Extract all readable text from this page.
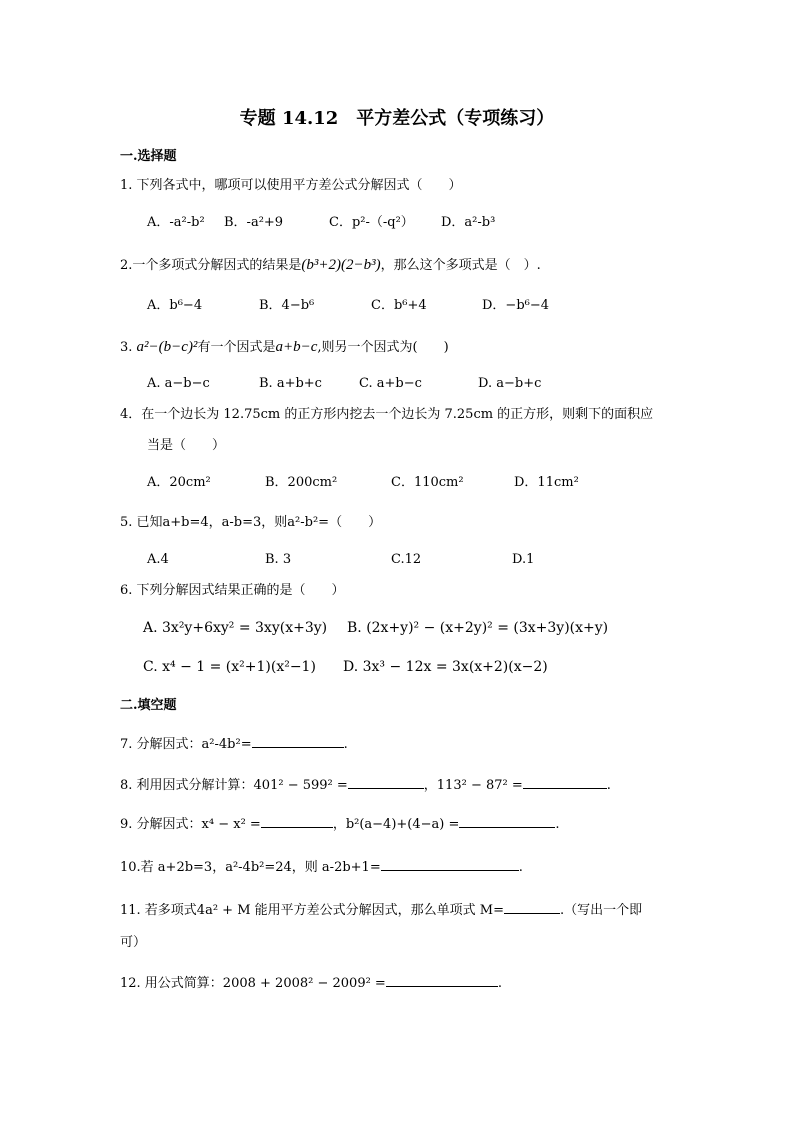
专题 14.12　平方差公式（专项练习）
一.选择题
1. 下列各式中，哪项可以使用平方差公式分解因式（　　）
A．-a²-b² B．-a²+9	C．p²-（-q²） D．a²-b³
2.一个多项式分解因式的结果是(b³+2)(2−b³)，那么这个多项式是（　）.
A．b⁶−4	B．4−b⁶	C．b⁶+4	D．−b⁶−4
3. a²−(b−c)²有一个因式是a+b−c,则另一个因式为(　　)
A. a−b−c	B. a+b+c	C. a+b−c	D. a−b+c
4．在一个边长为 12.75cm 的正方形内挖去一个边长为 7.25cm 的正方形，则剩下的面积应
当是（　　）
A．20cm²	B．200cm²	C．110cm²	D．11cm²
5. 已知a+b=4，a-b=3，则a²-b²=（　　）
A.4	B. 3	C.12	D.1
6. 下列分解因式结果正确的是（　　）
A. 3x²y+6xy² = 3xy(x+3y) B. (2x+y)² − (x+2y)² = (3x+3y)(x+y)
C. x⁴ − 1 = (x²+1)(x²−1) D. 3x³ − 12x = 3x(x+2)(x−2)
二.填空题
7. 分解因式：a²-4b²=	.
8. 利用因式分解计算：401² − 599² =	，113² − 87² =	.
9. 分解因式：x⁴ − x² =	，b²(a−4)+(4−a) =	.
10.若 a+2b=3，a²-4b²=24，则 a-2b+1=	.
11. 若多项式4a² + M 能用平方差公式分解因式，那么单项式 M=	.（写出一个即
可）
12. 用公式简算：2008 + 2008² − 2009² =	.
